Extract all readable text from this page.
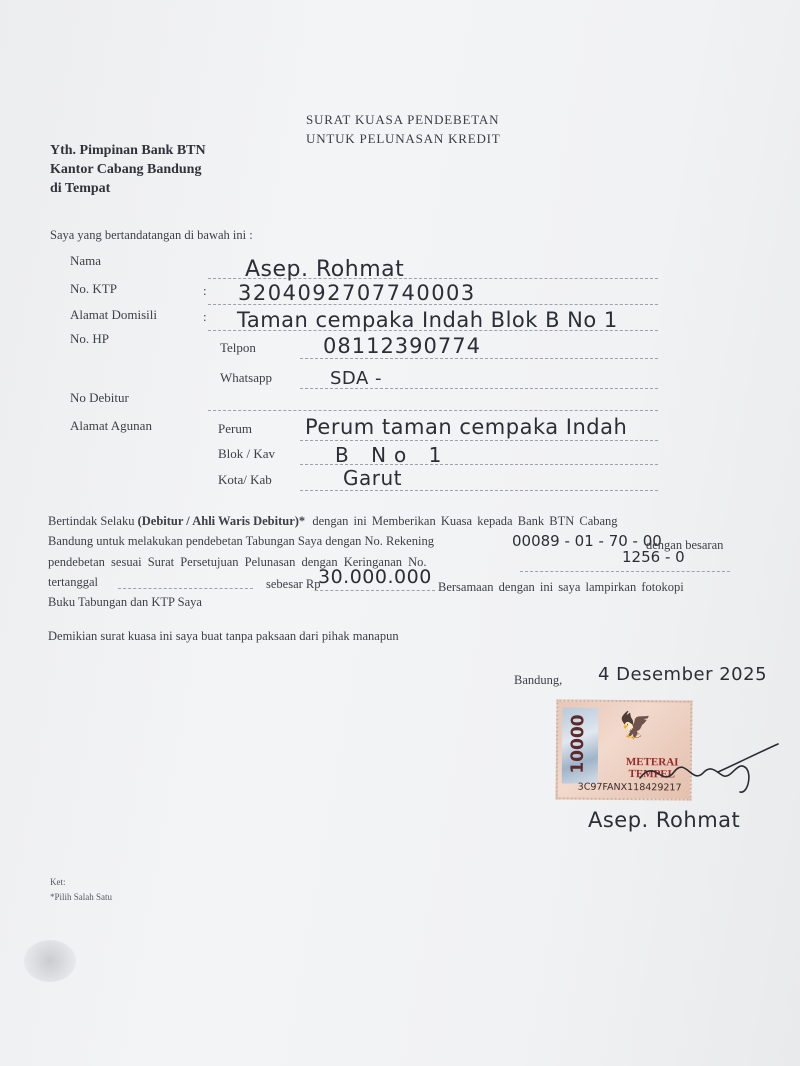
SURAT KUASA PENDEBETAN
UNTUK PELUNASAN KREDIT
Yth. Pimpinan Bank BTN
Kantor Cabang Bandung
di Tempat
Saya yang bertandatangan di bawah ini :
Nama
No. KTP
Alamat Domisili
No. HP
No Debitur
Alamat Agunan
:
:
Telpon
Whatsapp
Perum
Blok / Kav
Kota/ Kab
Asep. Rohmat
3204092707740003
Taman cempaka Indah Blok B No 1
08112390774
SDA -
Perum taman cempaka Indah
B No 1
Garut
Bertindak Selaku (Debitur / Ahli Waris Debitur)* dengan ini Memberikan Kuasa kepada Bank BTN Cabang
Bandung untuk melakukan pendebetan Tabungan Saya dengan No. Rekening	00089 - 01 - 70 - 00
dengan besaran
1256 - 0
pendebetan sesuai Surat Persetujuan Pelunasan dengan Keringanan No.
tertanggal	sebesar Rp
30.000.000 Bersamaan dengan ini saya lampirkan fotokopi
Buku Tabungan dan KTP Saya
Demikian surat kuasa ini saya buat tanpa paksaan dari pihak manapun
Bandung, 4 Desember 2025
10000 🦅
METERAI TEMPEL
3C97FANX118429217
Asep. Rohmat
Ket:
*Pilih Salah Satu
